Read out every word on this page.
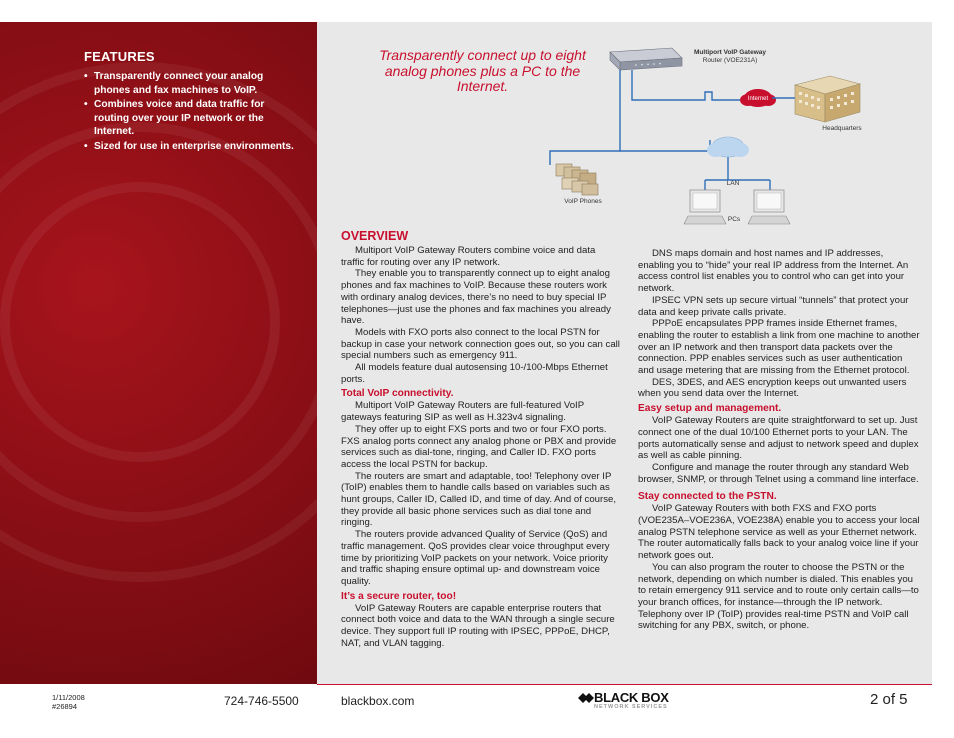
FEATURES
• Transparently connect your analog phones and fax machines to VoIP.
• Combines voice and data traffic for routing over your IP network or the Internet.
• Sized for use in enterprise environments.
Transparently connect up to eight analog phones plus a PC to the Internet.
Multiport VoIP Gateway
Router (VOE231A)
Internet
Headquarters
LAN
PCs
VoIP Phones
OVERVIEW

Multiport VoIP Gateway Routers combine voice and data traffic for routing over any IP network.

They enable you to transparently connect up to eight analog phones and fax machines to VoIP. Because these routers work with ordinary analog devices, there’s no need to buy special IP telephones—just use the phones and fax machines you already have.

Models with FXO ports also connect to the local PSTN for backup in case your network connection goes out, so you can call special numbers such as emergency 911.

All models feature dual autosensing 10-/100-Mbps Ethernet ports.

Total VoIP connectivity.

Multiport VoIP Gateway Routers are full-featured VoIP gateways featuring SIP as well as H.323v4 signaling.

They offer up to eight FXS ports and two or four FXO ports. FXS analog ports connect any analog phone or PBX and provide services such as dial-tone, ringing, and Caller ID. FXO ports access the local PSTN for backup.

The routers are smart and adaptable, too! Telephony over IP (ToIP) enables them to handle calls based on variables such as hunt groups, Caller ID, Called ID, and time of day. And of course, they provide all basic phone services such as dial tone and ringing.

The routers provide advanced Quality of Service (QoS) and traffic management. QoS provides clear voice throughput every time by prioritizing VoIP packets on your network. Voice priority and traffic shaping ensure optimal up- and downstream voice quality.

It’s a secure router, too!

VoIP Gateway Routers are capable enterprise routers that connect both voice and data to the WAN through a single secure device. They support full IP routing with IPSEC, PPPoE, DHCP, NAT, and VLAN tagging.

DNS maps domain and host names and IP addresses, enabling you to “hide” your real IP address from the Internet. An access control list enables you to control who can get into your network.

IPSEC VPN sets up secure virtual “tunnels” that protect your data and keep private calls private.

PPPoE encapsulates PPP frames inside Ethernet frames, enabling the router to establish a link from one machine to another over an IP network and then transport data packets over the connection. PPP enables services such as user authentication and usage metering that are missing from the Ethernet protocol.

DES, 3DES, and AES encryption keeps out unwanted users when you send data over the Internet.

Easy setup and management.

VoIP Gateway Routers are quite straightforward to set up. Just connect one of the dual 10/100 Ethernet ports to your LAN. The ports automatically sense and adjust to network speed and duplex as well as cable pinning.

Configure and manage the router through any standard Web browser, SNMP, or through Telnet using a command line interface.

Stay connected to the PSTN.

VoIP Gateway Routers with both FXS and FXO ports (VOE235A–VOE236A, VOE238A) enable you to access your local analog PSTN telephone service as well as your Ethernet network. The router automatically falls back to your analog voice line if your network goes out.

You can also program the router to choose the PSTN or the network, depending on which number is dialed. This enables you to retain emergency 911 service and to route only certain calls—to your branch offices, for instance—through the IP network. Telephony over IP (ToIP) provides real-time PSTN and VoIP call switching for any PBX, switch, or phone.

1/11/2008
#26894	724-746-5500	blackbox.com	BLACK BOX
NETWORK SERVICES	2 of 5
